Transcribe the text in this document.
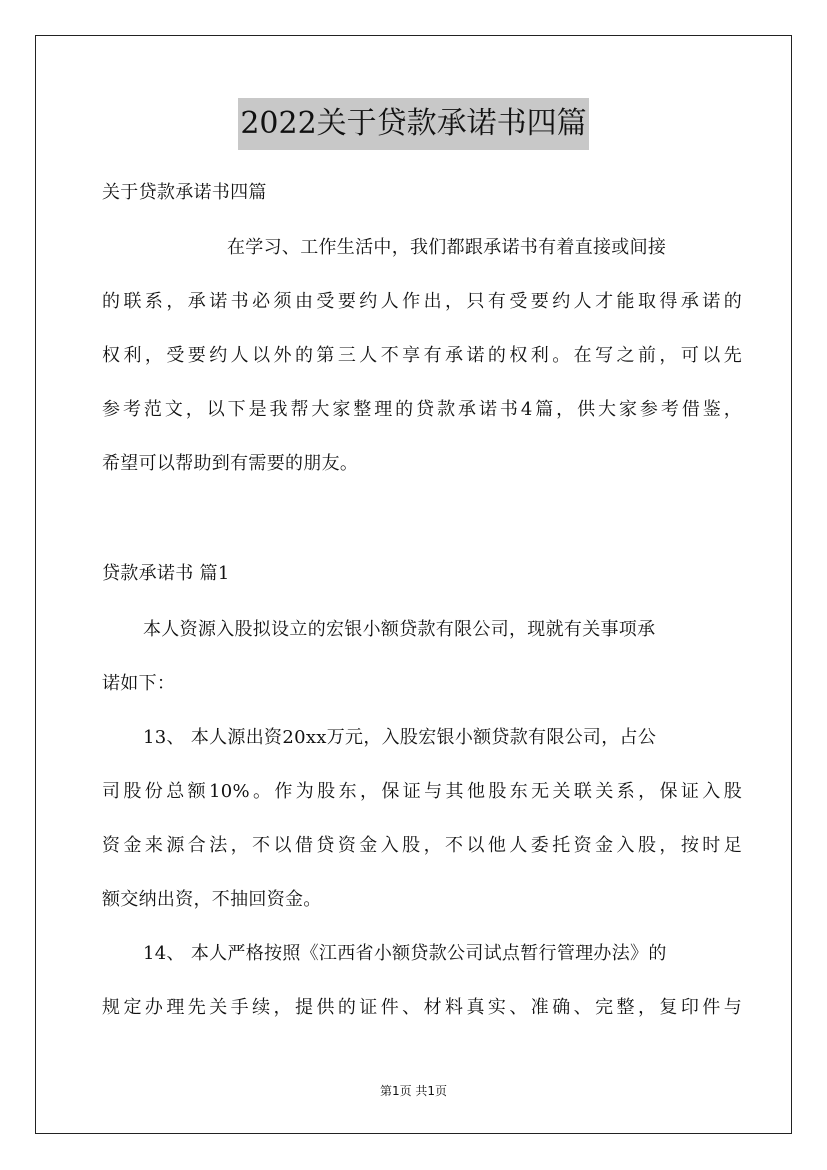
2022关于贷款承诺书四篇
关于贷款承诺书四篇
在学习、工作生活中，我们都跟承诺书有着直接或间接
的联系，承诺书必须由受要约人作出，只有受要约人才能取得承诺的
权利，受要约人以外的第三人不享有承诺的权利。在写之前，可以先
参考范文，以下是我帮大家整理的贷款承诺书4篇，供大家参考借鉴，
希望可以帮助到有需要的朋友。
贷款承诺书 篇1
本人资源入股拟设立的宏银小额贷款有限公司，现就有关事项承
诺如下：
13、 本人源出资20xx万元，入股宏银小额贷款有限公司，占公
司股份总额10%。作为股东，保证与其他股东无关联关系，保证入股
资金来源合法，不以借贷资金入股，不以他人委托资金入股，按时足
额交纳出资，不抽回资金。
14、 本人严格按照《江西省小额贷款公司试点暂行管理办法》的
规定办理先关手续，提供的证件、材料真实、准确、完整，复印件与
第1页 共1页
